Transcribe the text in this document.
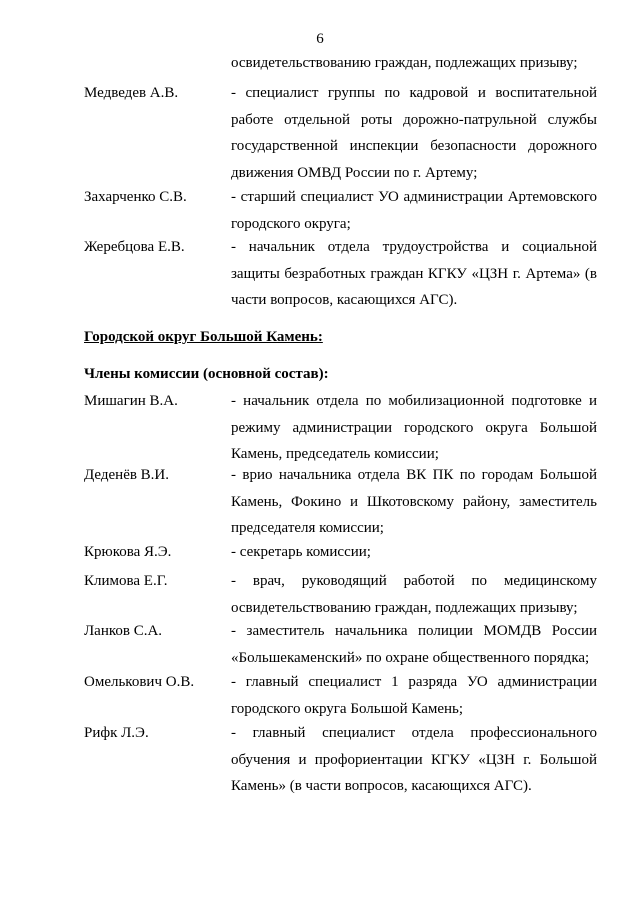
6
освидетельствованию граждан, подлежащих призыву;
Медведев А.В.	- специалист группы по кадровой и воспитательной работе отдельной роты дорожно-патрульной службы государственной инспекции безопасности дорожного движения ОМВД России по г. Артему;
Захарченко С.В.	- старший специалист УО администрации Артемовского городского округа;
Жеребцова Е.В.	- начальник отдела трудоустройства и социальной защиты безработных граждан КГКУ «ЦЗН г. Артема» (в части вопросов, касающихся АГС).
Городской округ Большой Камень:
Члены комиссии (основной состав):
Мишагин В.А.	- начальник отдела по мобилизационной подготовке и режиму администрации городского округа Большой Камень, председатель комиссии;
Деденёв В.И.	- врио начальника отдела ВК ПК по городам Большой Камень, Фокино и Шкотовскому району, заместитель председателя комиссии;
Крюкова Я.Э.	- секретарь комиссии;
Климова Е.Г.	- врач, руководящий работой по медицинскому освидетельствованию граждан, подлежащих призыву;
Ланков С.А.	- заместитель начальника полиции МОМДВ России «Большекаменский» по охране общественного порядка;
Омелькович О.В. - главный специалист 1 разряда УО администрации городского округа Большой Камень;
Рифк Л.Э.	- главный специалист отдела профессионального обучения и профориентации КГКУ «ЦЗН г. Большой Камень» (в части вопросов, касающихся АГС).
